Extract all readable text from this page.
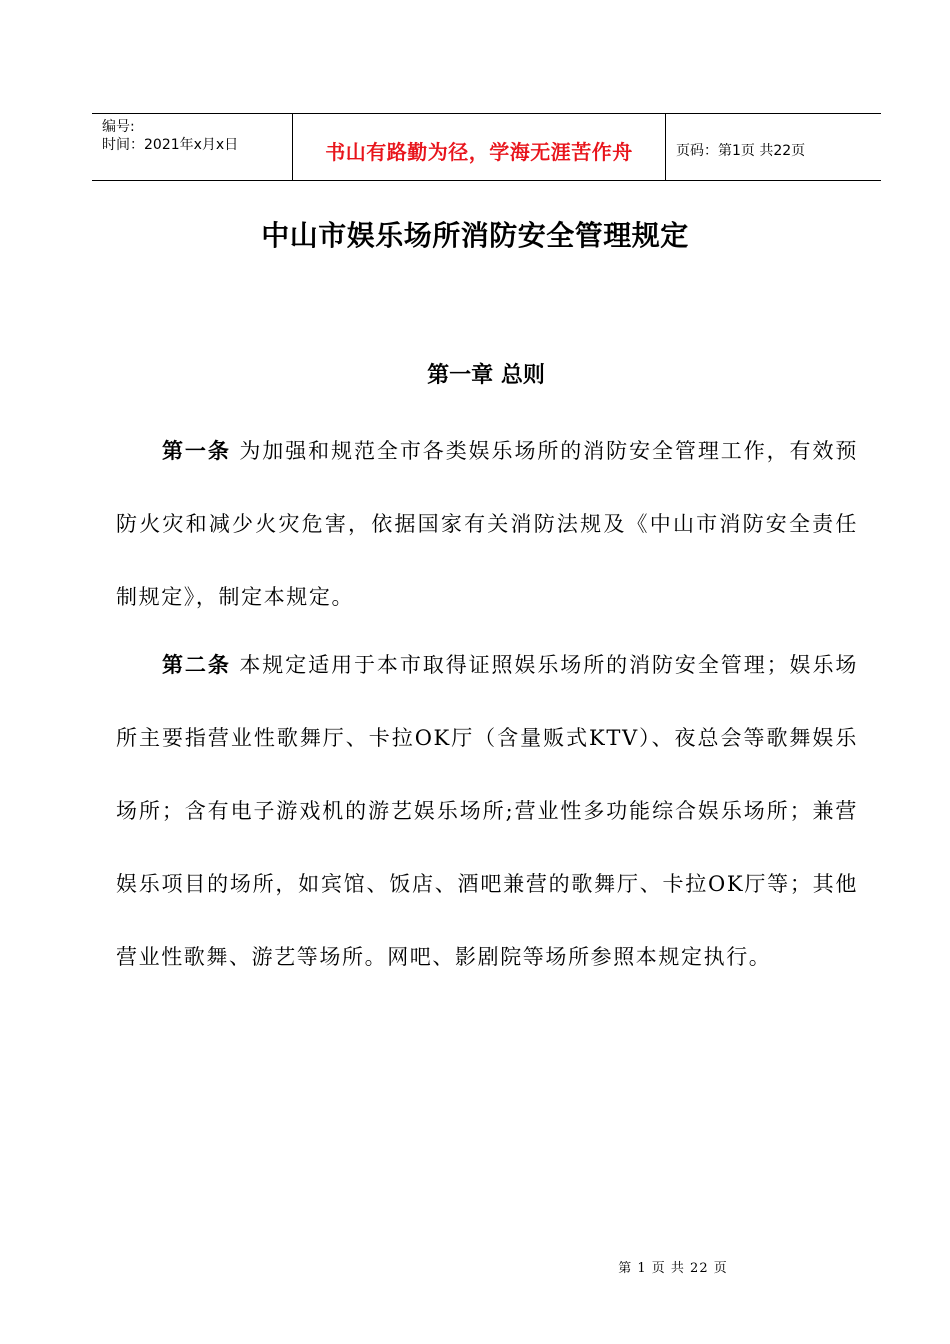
编号:
时间：2021年x月x日	书山有路勤为径，学海无涯苦作舟	页码：第1页 共22页
中山市娱乐场所消防安全管理规定
第一章 总则

第一条 为加强和规范全市各类娱乐场所的消防安全管理工作，有效预防火灾和减少火灾危害，依据国家有关消防法规及《中山市消防安全责任制规定》，制定本规定。

第二条 本规定适用于本市取得证照娱乐场所的消防安全管理；娱乐场所主要指营业性歌舞厅、卡拉OK厅（含量贩式KTV）、夜总会等歌舞娱乐场所；含有电子游戏机的游艺娱乐场所;营业性多功能综合娱乐场所；兼营娱乐项目的场所，如宾馆、饭店、酒吧兼营的歌舞厅、卡拉OK厅等；其他营业性歌舞、游艺等场所。网吧、影剧院等场所参照本规定执行。

第 1 页 共 22 页
